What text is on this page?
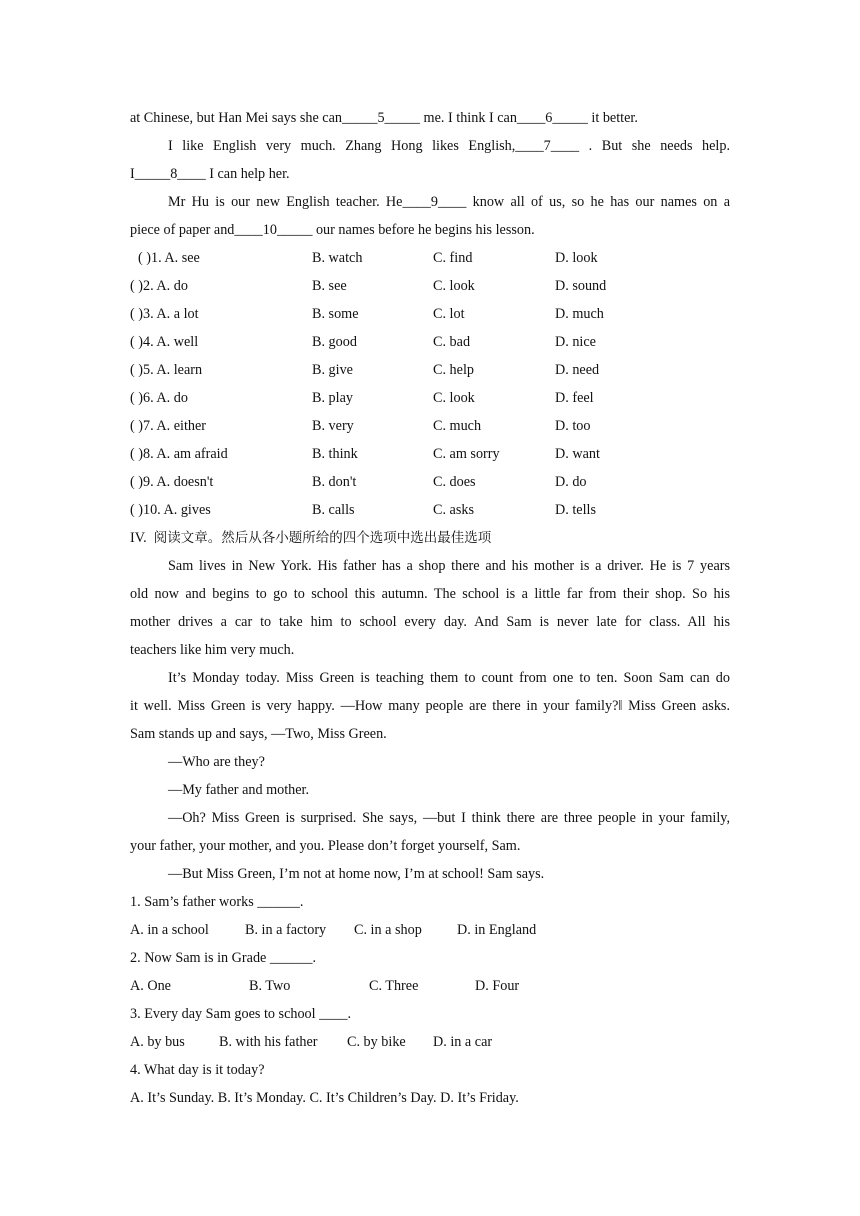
at Chinese, but Han Mei says she can_____5_____ me. I think I can____6_____ it better.
I like English very much. Zhang Hong likes English,____7____ . But she needs help.
I_____8____ I can help her.
Mr Hu is our new English teacher. He____9____ know all of us, so he has our names on a
piece of paper and____10_____ our names before he begins his lesson.
( )1. A. see	B. watch	C. find	D. look
( )2. A. do	B. see	C. look	D. sound
( )3. A. a lot	B. some	C. lot	D. much
( )4. A. well	B. good	C. bad	D. nice
( )5. A. learn	B. give	C. help	D. need
( )6. A. do	B. play	C. look	D. feel
( )7. A. either	B. very	C. much	D. too
( )8. A. am afraid	B. think	C. am sorry	D. want
( )9. A. doesn't	B. don't	C. does	D. do
( )10. A. gives	B. calls	C. asks	D. tells
IV. 阅读文章。然后从各小题所给的四个选项中选出最佳选项
Sam lives in New York. His father has a shop there and his mother is a driver. He is 7 years
old now and begins to go to school this autumn. The school is a little far from their shop. So his
mother drives a car to take him to school every day. And Sam is never late for class. All his
teachers like him very much.
It’s Monday today. Miss Green is teaching them to count from one to ten. Soon Sam can do
it well. Miss Green is very happy. ―How many people are there in your family?‖ Miss Green asks.
Sam stands up and says, ―Two, Miss Green.
―Who are they?
―My father and mother.
―Oh? Miss Green is surprised. She says, ―but I think there are three people in your family,
your father, your mother, and you. Please don’t forget yourself, Sam.
―But Miss Green, I’m not at home now, I’m at school! Sam says.
1. Sam’s father works ______.
A. in a school	B. in a factory	C. in a shop	D. in England
2. Now Sam is in Grade ______.
A. One	B. Two	C. Three	D. Four
3. Every day Sam goes to school ____.
A. by bus	B. with his father	C. by bike	D. in a car
4. What day is it today?
A. It’s Sunday. B. It’s Monday. C. It’s Children’s Day. D. It’s Friday.
